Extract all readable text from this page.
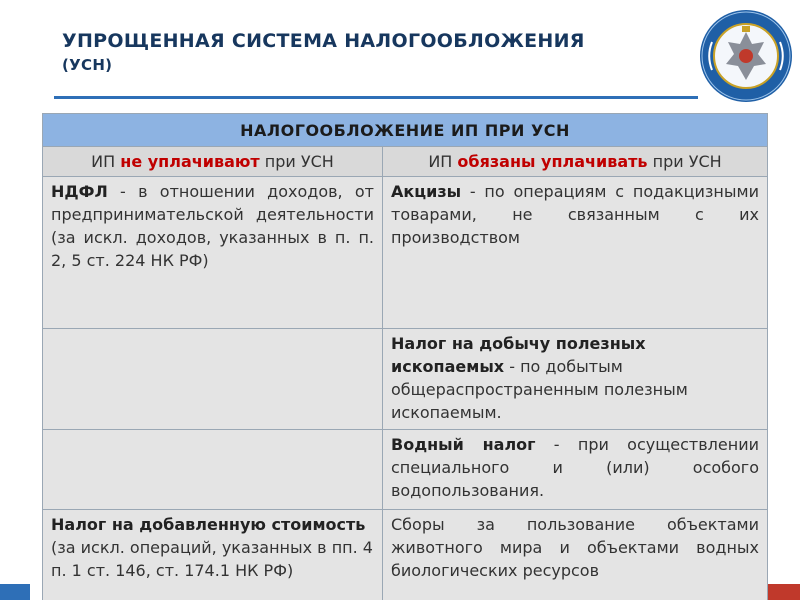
УПРОЩЕННАЯ СИСТЕМА НАЛОГООБЛОЖЕНИЯ
(УСН)
НАЛОГООБЛОЖЕНИЕ ИП ПРИ УСН	
ИП не уплачивают при УСН	ИП обязаны уплачивать при УСН
НДФЛ - в отношении доходов, от предпринимательской деятельности (за искл. доходов, указанных в п. п. 2, 5 ст. 224 НК РФ)	Акцизы - по операциям с подакцизными товарами, не связанным с их производством
	Налог на добычу полезных ископаемых - по добытым общераспространенным полезным ископаемым.
	Водный налог - при осуществлении специального и (или) особого водопользования.
Налог на добавленную стоимость (за искл. операций, указанных в пп. 4 п. 1 ст. 146, ст. 174.1 НК РФ)	Сборы за пользование объектами животного мира и объектами водных биологических ресурсов
